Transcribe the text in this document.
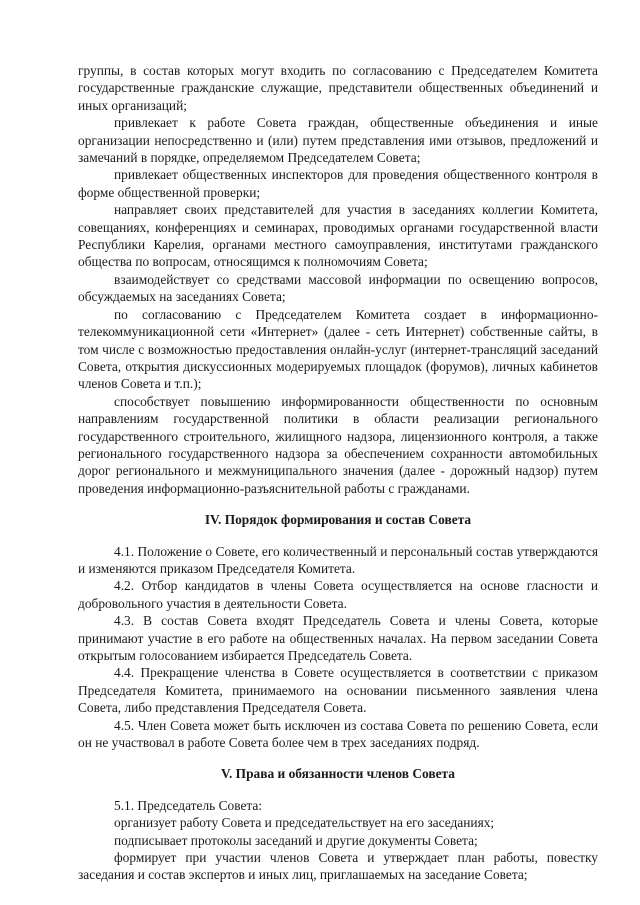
группы, в состав которых могут входить по согласованию с Председателем Комитета государственные гражданские служащие, представители общественных объединений и иных организаций;

привлекает к работе Совета граждан, общественные объединения и иные организации непосредственно и (или) путем представления ими отзывов, предложений и замечаний в порядке, определяемом Председателем Совета;

привлекает общественных инспекторов для проведения общественного контроля в форме общественной проверки;

направляет своих представителей для участия в заседаниях коллегии Комитета, совещаниях, конференциях и семинарах, проводимых органами государственной власти Республики Карелия, органами местного самоуправления, институтами гражданского общества по вопросам, относящимся к полномочиям Совета;

взаимодействует со средствами массовой информации по освещению вопросов, обсуждаемых на заседаниях Совета;

по согласованию с Председателем Комитета создает в информационно-телекоммуникационной сети «Интернет» (далее - сеть Интернет) собственные сайты, в том числе с возможностью предоставления онлайн-услуг (интернет-трансляций заседаний Совета, открытия дискуссионных модерируемых площадок (форумов), личных кабинетов членов Совета и т.п.);

способствует повышению информированности общественности по основным направлениям государственной политики в области реализации регионального государственного строительного, жилищного надзора, лицензионного контроля, а также регионального государственного надзора за обеспечением сохранности автомобильных дорог регионального и межмуниципального значения (далее - дорожный надзор) путем проведения информационно-разъяснительной работы с гражданами.

IV. Порядок формирования и состав Совета

4.1. Положение о Совете, его количественный и персональный состав утверждаются и изменяются приказом Председателя Комитета.

4.2. Отбор кандидатов в члены Совета осуществляется на основе гласности и добровольного участия в деятельности Совета.

4.3. В состав Совета входят Председатель Совета и члены Совета, которые принимают участие в его работе на общественных началах. На первом заседании Совета открытым голосованием избирается Председатель Совета.

4.4. Прекращение членства в Совете осуществляется в соответствии с приказом Председателя Комитета, принимаемого на основании письменного заявления члена Совета, либо представления Председателя Совета.

4.5. Член Совета может быть исключен из состава Совета по решению Совета, если он не участвовал в работе Совета более чем в трех заседаниях подряд.

V. Права и обязанности членов Совета

5.1. Председатель Совета:

организует работу Совета и председательствует на его заседаниях;

подписывает протоколы заседаний и другие документы Совета;

формирует при участии членов Совета и утверждает план работы, повестку заседания и состав экспертов и иных лиц, приглашаемых на заседание Совета;
